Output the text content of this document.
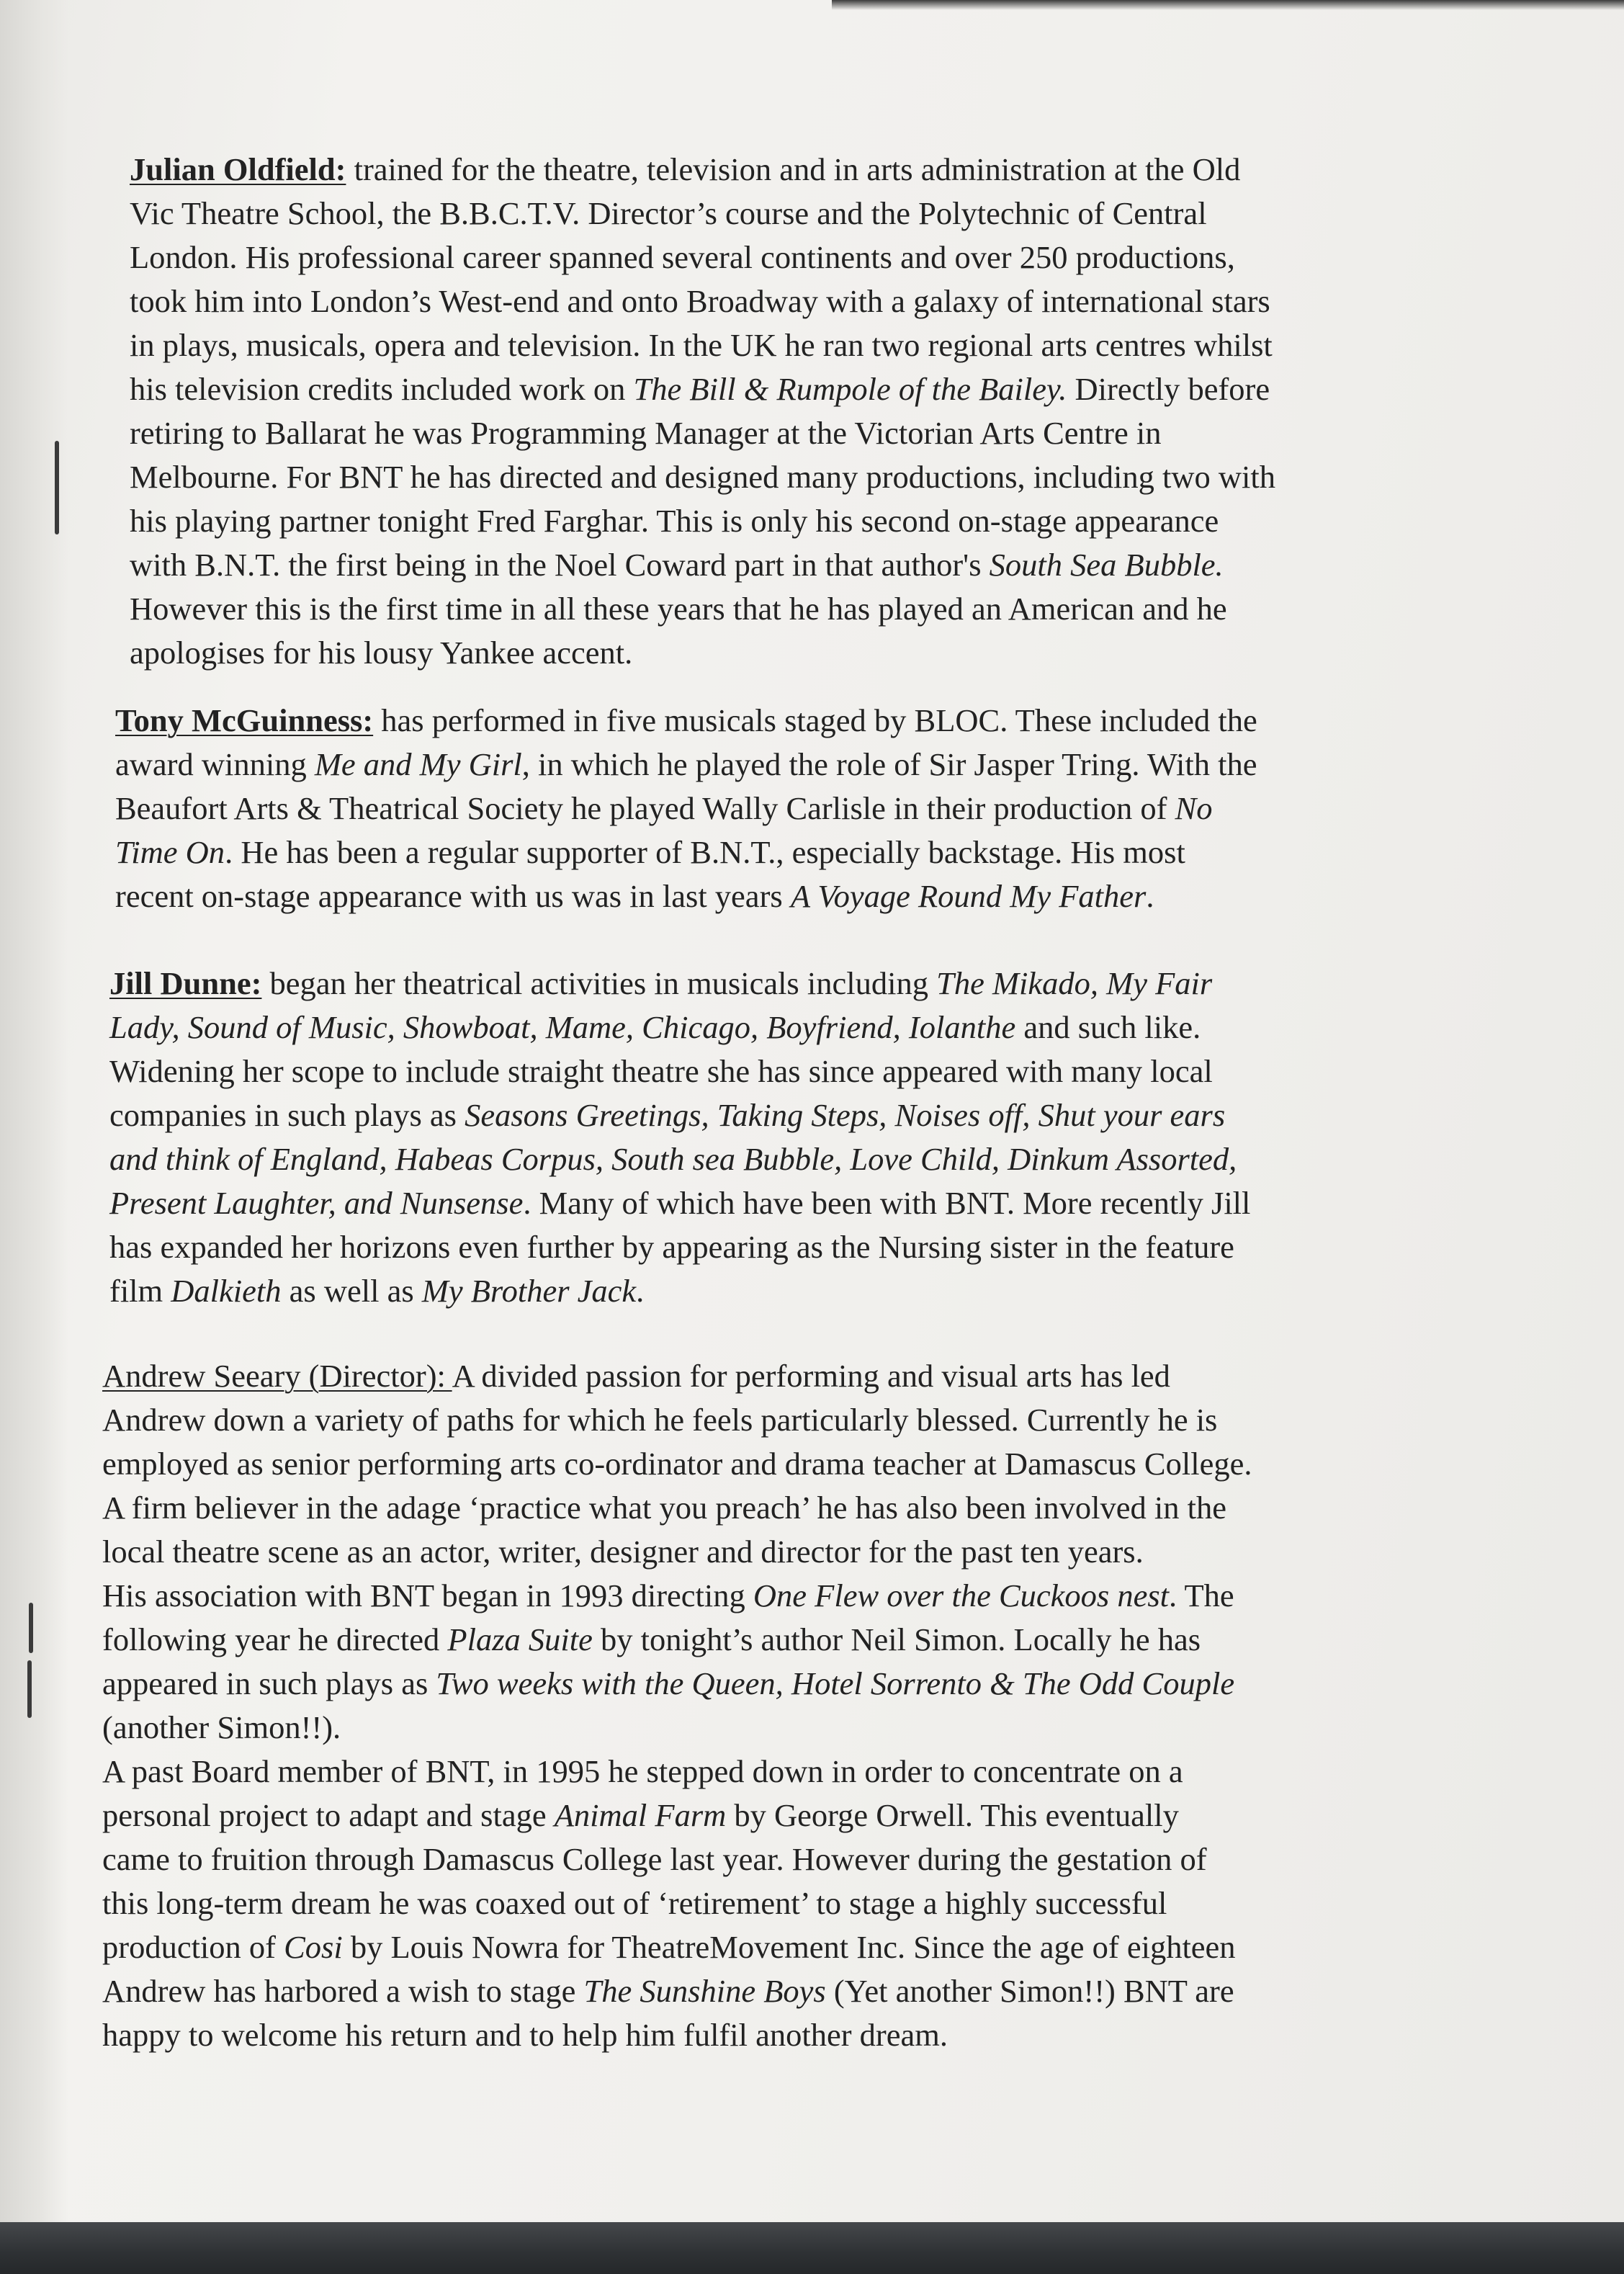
Julian Oldfield: trained for the theatre, television and in arts administration at the Old
Vic Theatre School, the B.B.C.T.V. Director’s course and the Polytechnic of Central
London. His professional career spanned several continents and over 250 productions,
took him into London’s West-end and onto Broadway with a galaxy of international stars
in plays, musicals, opera and television. In the UK he ran two regional arts centres whilst
his television credits included work on The Bill & Rumpole of the Bailey. Directly before
retiring to Ballarat he was Programming Manager at the Victorian Arts Centre in
Melbourne. For BNT he has directed and designed many productions, including two with
his playing partner tonight Fred Farghar. This is only his second on-stage appearance
with B.N.T. the first being in the Noel Coward part in that author's South Sea Bubble.
However this is the first time in all these years that he has played an American and he
apologises for his lousy Yankee accent.

Tony McGuinness: has performed in five musicals staged by BLOC. These included the
award winning Me and My Girl, in which he played the role of Sir Jasper Tring. With the
Beaufort Arts & Theatrical Society he played Wally Carlisle in their production of No
Time On. He has been a regular supporter of B.N.T., especially backstage. His most
recent on-stage appearance with us was in last years A Voyage Round My Father.

Jill Dunne: began her theatrical activities in musicals including The Mikado, My Fair
Lady, Sound of Music, Showboat, Mame, Chicago, Boyfriend, Iolanthe and such like.
Widening her scope to include straight theatre she has since appeared with many local
companies in such plays as Seasons Greetings, Taking Steps, Noises off, Shut your ears
and think of England, Habeas Corpus, South sea Bubble, Love Child, Dinkum Assorted,
Present Laughter, and Nunsense. Many of which have been with BNT. More recently Jill
has expanded her horizons even further by appearing as the Nursing sister in the feature
film Dalkieth as well as My Brother Jack.

Andrew Seeary (Director): A divided passion for performing and visual arts has led
Andrew down a variety of paths for which he feels particularly blessed. Currently he is
employed as senior performing arts co-ordinator and drama teacher at Damascus College.
A firm believer in the adage ‘practice what you preach’ he has also been involved in the
local theatre scene as an actor, writer, designer and director for the past ten years.
His association with BNT began in 1993 directing One Flew over the Cuckoos nest. The
following year he directed Plaza Suite by tonight’s author Neil Simon. Locally he has
appeared in such plays as Two weeks with the Queen, Hotel Sorrento & The Odd Couple
(another Simon!!).
A past Board member of BNT, in 1995 he stepped down in order to concentrate on a
personal project to adapt and stage Animal Farm by George Orwell. This eventually
came to fruition through Damascus College last year. However during the gestation of
this long-term dream he was coaxed out of ‘retirement’ to stage a highly successful
production of Cosi by Louis Nowra for TheatreMovement Inc. Since the age of eighteen
Andrew has harbored a wish to stage The Sunshine Boys (Yet another Simon!!) BNT are
happy to welcome his return and to help him fulfil another dream.
